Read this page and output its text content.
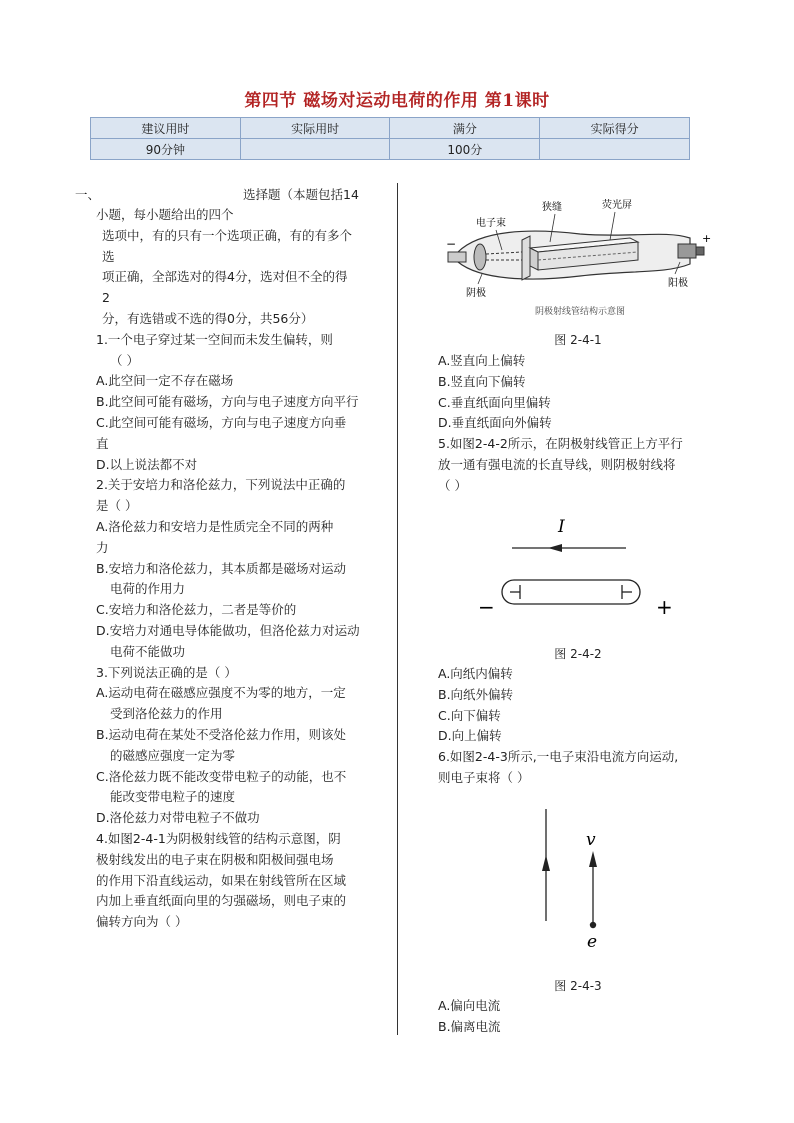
第四节 磁场对运动电荷的作用 第1课时
建议用时	实际用时	满分	实际得分
90分钟		100分	
一、	选择题（本题包括14

小题，每小题给出的四个

选项中，有的只有一个选项正确，有的有多个

选

项正确，全部选对的得4分，选对但不全的得

2

分，有选错或不选的得0分，共56分）

1.一个电子穿过某一空间而未发生偏转，则

（ ）

A.此空间一定不存在磁场

B.此空间可能有磁场，方向与电子速度方向平行

C.此空间可能有磁场，方向与电子速度方向垂

直

D.以上说法都不对

2.关于安培力和洛伦兹力，下列说法中正确的

是（ ）

A.洛伦兹力和安培力是性质完全不同的两种

力

B.安培力和洛伦兹力，其本质都是磁场对运动

电荷的作用力

C.安培力和洛伦兹力，二者是等价的

D.安培力对通电导体能做功，但洛伦兹力对运动

电荷不能做功

3.下列说法正确的是（ ）

A.运动电荷在磁感应强度不为零的地方，一定

受到洛伦兹力的作用

B.运动电荷在某处不受洛伦兹力作用，则该处

的磁感应强度一定为零

C.洛伦兹力既不能改变带电粒子的动能，也不

能改变带电粒子的速度

D.洛伦兹力对带电粒子不做功

4.如图2-4-1为阴极射线管的结构示意图，阴

极射线发出的电子束在阴极和阳极间强电场

的作用下沿直线运动，如果在射线管所在区域

内加上垂直纸面向里的匀强磁场，则电子束的

偏转方向为（ ）

电子束
狭缝	荧光屏
阴极
阳极
−	+
阴极射线管结构示意图
图 2-4-1

A.竖直向上偏转

B.竖直向下偏转

C.垂直纸面向里偏转

D.垂直纸面向外偏转

5.如图2-4-2所示，在阴极射线管正上方平行

放一通有强电流的长直导线，则阴极射线将

（ ）

I
−	+
图 2-4-2

A.向纸内偏转

B.向纸外偏转

C.向下偏转

D.向上偏转

6.如图2-4-3所示,一电子束沿电流方向运动,

则电子束将（ ）

v
e
图 2-4-3

A.偏向电流

B.偏离电流
